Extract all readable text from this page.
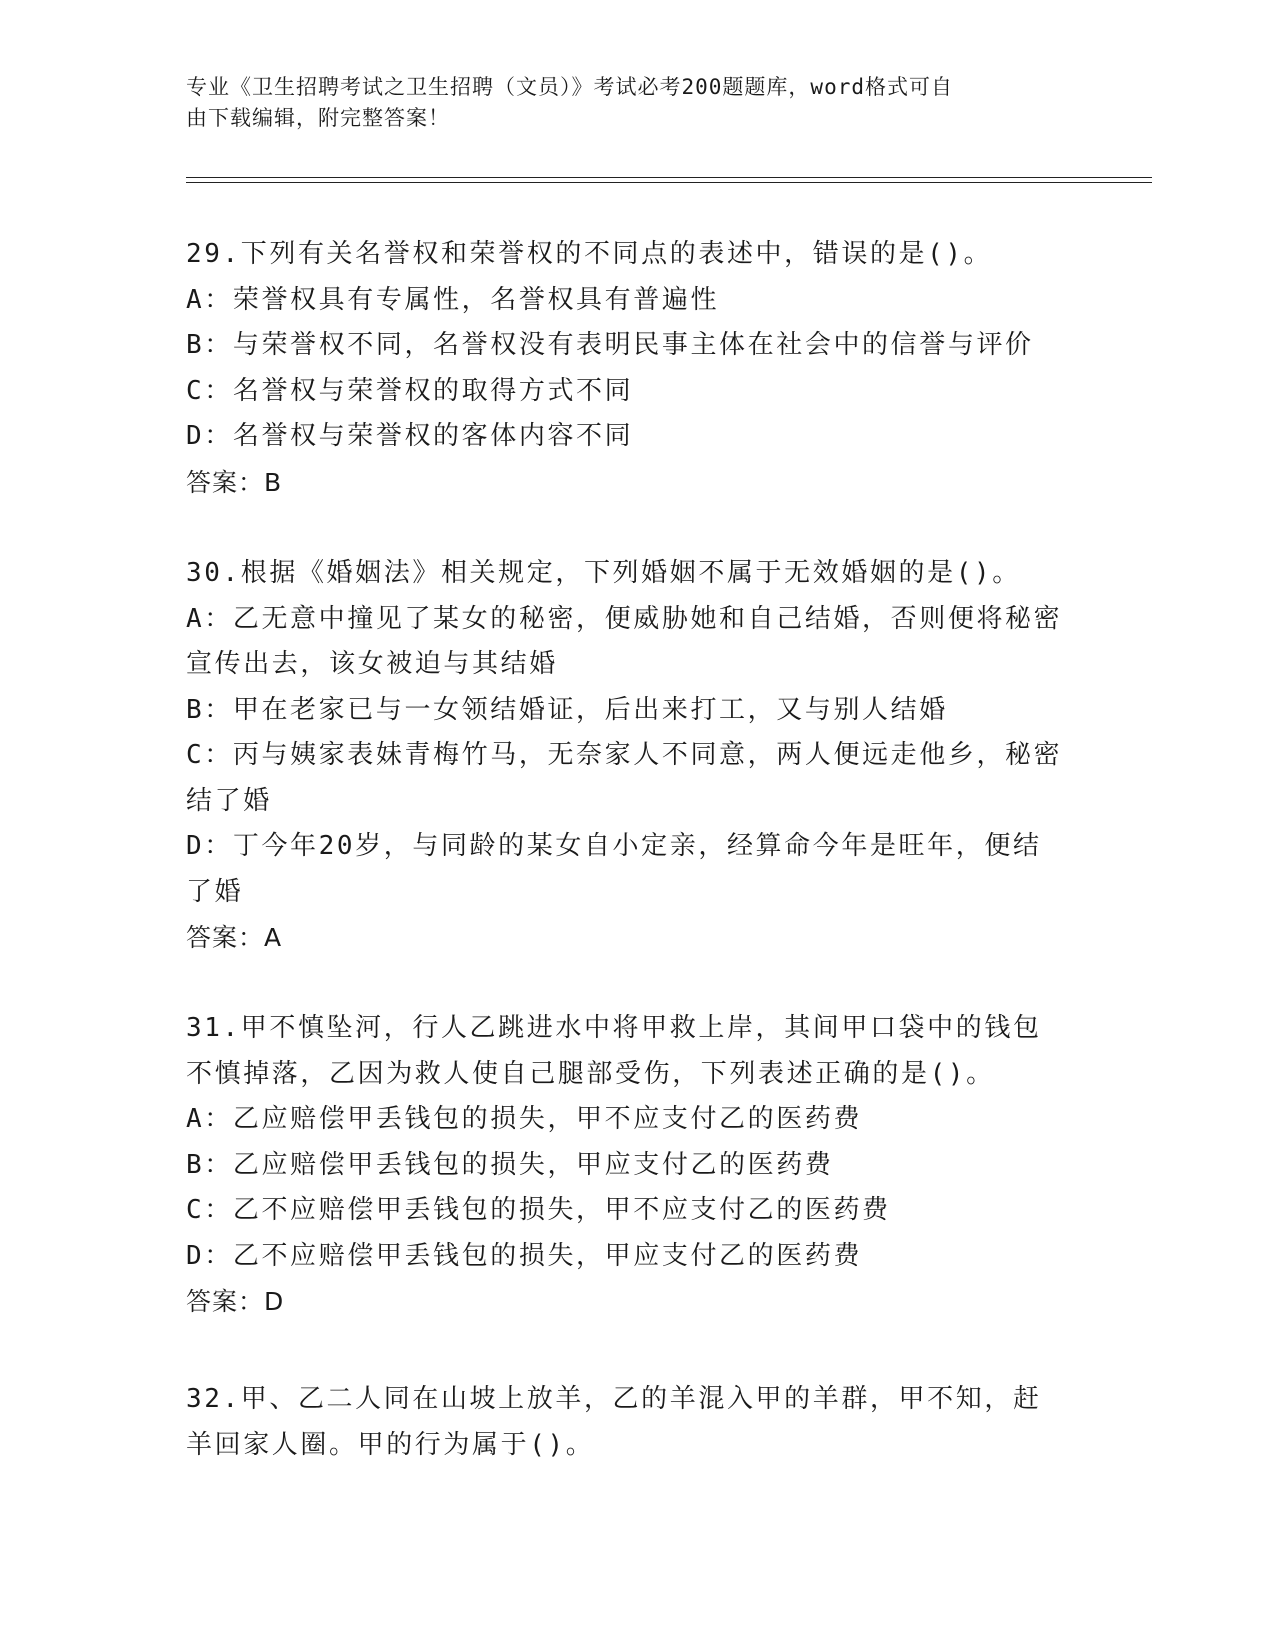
专业《卫生招聘考试之卫生招聘（文员）》考试必考200题题库，word格式可自
由下载编辑，附完整答案！
29.下列有关名誉权和荣誉权的不同点的表述中，错误的是()。
A：荣誉权具有专属性，名誉权具有普遍性
B：与荣誉权不同，名誉权没有表明民事主体在社会中的信誉与评价
C：名誉权与荣誉权的取得方式不同
D：名誉权与荣誉权的客体内容不同
答案：B
30.根据《婚姻法》相关规定，下列婚姻不属于无效婚姻的是()。
A：乙无意中撞见了某女的秘密，便威胁她和自己结婚，否则便将秘密宣传出去，该女被迫与其结婚
B：甲在老家已与一女领结婚证，后出来打工，又与别人结婚
C：丙与姨家表妹青梅竹马，无奈家人不同意，两人便远走他乡，秘密结了婚
D：丁今年20岁，与同龄的某女自小定亲，经算命今年是旺年，便结了婚
答案：A
31.甲不慎坠河，行人乙跳进水中将甲救上岸，其间甲口袋中的钱包不慎掉落，乙因为救人使自己腿部受伤，下列表述正确的是()。
A：乙应赔偿甲丢钱包的损失，甲不应支付乙的医药费
B：乙应赔偿甲丢钱包的损失，甲应支付乙的医药费
C：乙不应赔偿甲丢钱包的损失，甲不应支付乙的医药费
D：乙不应赔偿甲丢钱包的损失，甲应支付乙的医药费
答案：D
32.甲、乙二人同在山坡上放羊，乙的羊混入甲的羊群，甲不知，赶羊回家人圈。甲的行为属于()。
